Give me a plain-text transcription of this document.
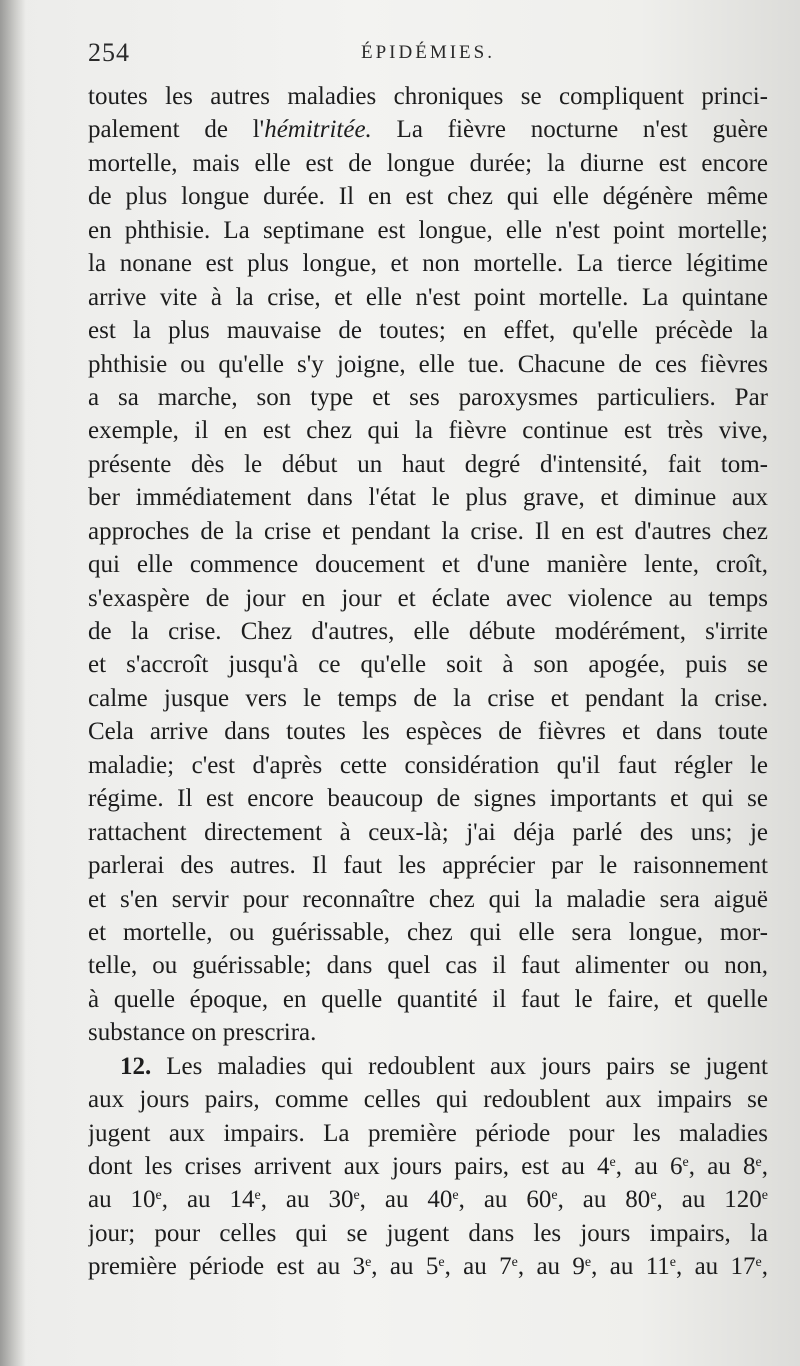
254	ÉPIDÉMIES.
toutes les autres maladies chroniques se compliquent princi-
palement de l'hémitritée. La fièvre nocturne n'est guère
mortelle, mais elle est de longue durée; la diurne est encore
de plus longue durée. Il en est chez qui elle dégénère même
en phthisie. La septimane est longue, elle n'est point mortelle;
la nonane est plus longue, et non mortelle. La tierce légitime
arrive vite à la crise, et elle n'est point mortelle. La quintane
est la plus mauvaise de toutes; en effet, qu'elle précède la
phthisie ou qu'elle s'y joigne, elle tue. Chacune de ces fièvres
a sa marche, son type et ses paroxysmes particuliers. Par
exemple, il en est chez qui la fièvre continue est très vive,
présente dès le début un haut degré d'intensité, fait tom-
ber immédiatement dans l'état le plus grave, et diminue aux
approches de la crise et pendant la crise. Il en est d'autres chez
qui elle commence doucement et d'une manière lente, croît,
s'exaspère de jour en jour et éclate avec violence au temps
de la crise. Chez d'autres, elle débute modérément, s'irrite
et s'accroît jusqu'à ce qu'elle soit à son apogée, puis se
calme jusque vers le temps de la crise et pendant la crise.
Cela arrive dans toutes les espèces de fièvres et dans toute
maladie; c'est d'après cette considération qu'il faut régler le
régime. Il est encore beaucoup de signes importants et qui se
rattachent directement à ceux-là; j'ai déja parlé des uns; je
parlerai des autres. Il faut les apprécier par le raisonnement
et s'en servir pour reconnaître chez qui la maladie sera aiguë
et mortelle, ou guérissable, chez qui elle sera longue, mor-
telle, ou guérissable; dans quel cas il faut alimenter ou non,
à quelle époque, en quelle quantité il faut le faire, et quelle
substance on prescrira.
12. Les maladies qui redoublent aux jours pairs se jugent
aux jours pairs, comme celles qui redoublent aux impairs se
jugent aux impairs. La première période pour les maladies
dont les crises arrivent aux jours pairs, est au 4e, au 6e, au 8e,
au 10e, au 14e, au 30e, au 40e, au 60e, au 80e, au 120e
jour; pour celles qui se jugent dans les jours impairs, la
première période est au 3e, au 5e, au 7e, au 9e, au 11e, au 17e,
